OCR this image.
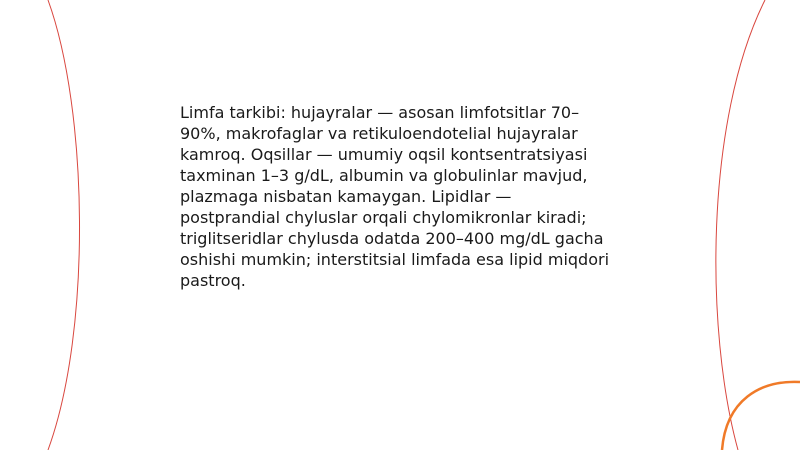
Limfa tarkibi: hujayralar — asosan limfotsitlar 70–
90%, makrofaglar va retikuloendotelial hujayralar
kamroq. Oqsillar — umumiy oqsil kontsentratsiyasi
taxminan 1–3 g/dL, albumin va globulinlar mavjud,
plazmaga nisbatan kamaygan. Lipidlar —
postprandial chyluslar orqali chylomikronlar kiradi;
triglitseridlar chylusda odatda 200–400 mg/dL gacha
oshishi mumkin; interstitsial limfada esa lipid miqdori
pastroq.
